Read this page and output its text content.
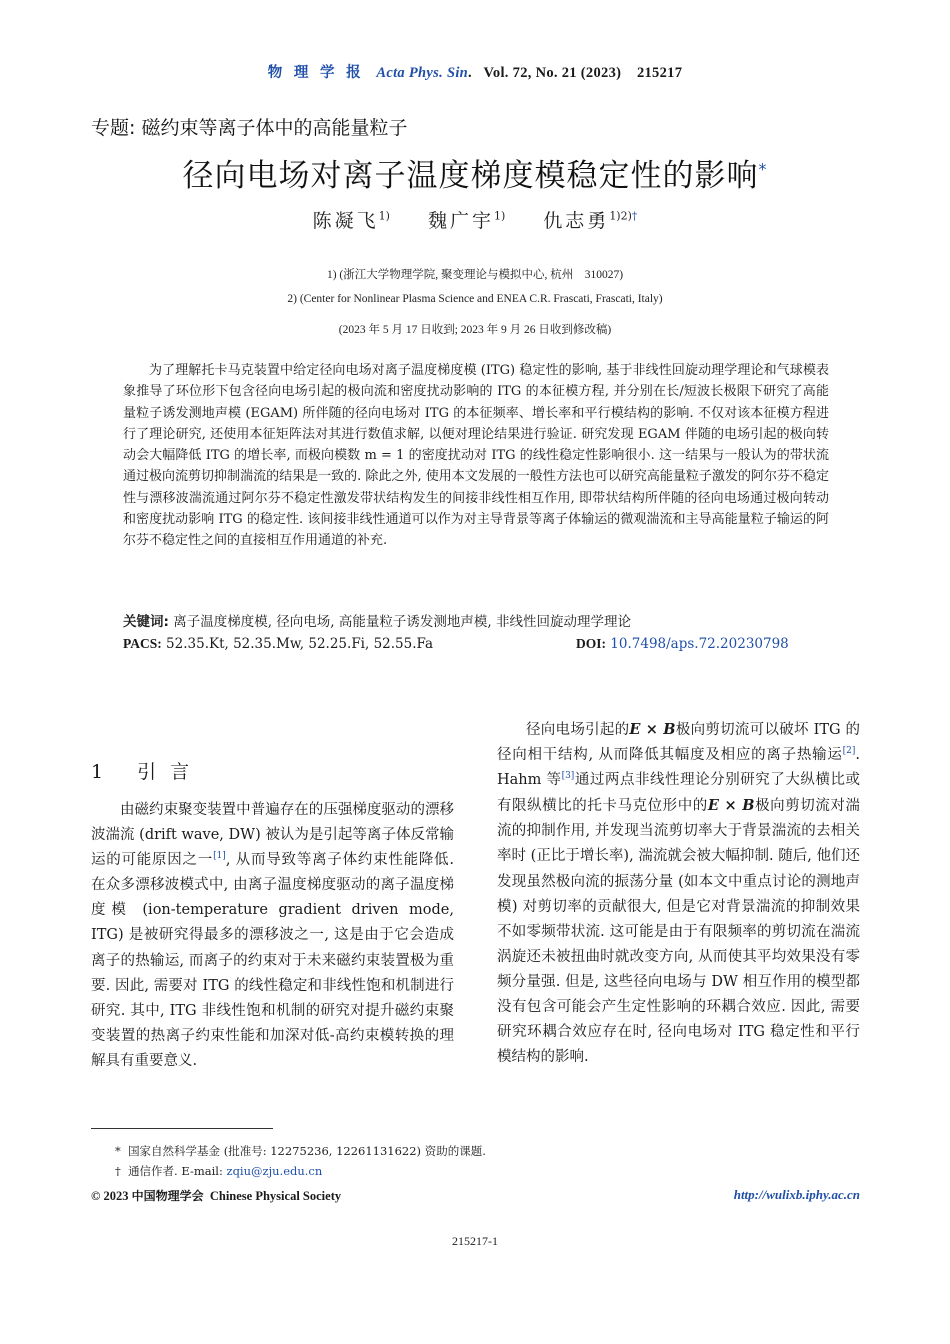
物 理 学 报 Acta Phys. Sin. Vol. 72, No. 21 (2023) 215217
专题: 磁约束等离子体中的高能量粒子
径向电场对离子温度梯度模稳定性的影响*
陈凝飞$^{1)}$ 魏广宇$^{1)}$ 仇志勇$^{1)2)\dagger}$
1) (浙江大学物理学院, 聚变理论与模拟中心, 杭州　310027)
2) (Center for Nonlinear Plasma Science and ENEA C.R. Frascati, Frascati, Italy)
(2023 年 5 月 17 日收到; 2023 年 9 月 26 日收到修改稿)
为了理解托卡马克装置中给定径向电场对离子温度梯度模 (ITG) 稳定性的影响, 基于非线性回旋动理学理论和气球模表象推导了环位形下包含径向电场引起的极向流和密度扰动影响的 ITG 的本征模方程, 并分别在长/短波长极限下研究了高能量粒子诱发测地声模 (EGAM) 所伴随的径向电场对 ITG 的本征频率、增长率和平行模结构的影响. 不仅对该本征模方程进行了理论研究, 还使用本征矩阵法对其进行数值求解, 以便对理论结果进行验证. 研究发现 EGAM 伴随的电场引起的极向转动会大幅降低 ITG 的增长率, 而极向模数 m = 1 的密度扰动对 ITG 的线性稳定性影响很小. 这一结果与一般认为的带状流通过极向流剪切抑制湍流的结果是一致的. 除此之外, 使用本文发展的一般性方法也可以研究高能量粒子激发的阿尔芬不稳定性与漂移波湍流通过阿尔芬不稳定性激发带状结构发生的间接非线性相互作用, 即带状结构所伴随的径向电场通过极向转动和密度扰动影响 ITG 的稳定性. 该间接非线性通道可以作为对主导背景等离子体输运的微观湍流和主导高能量粒子输运的阿尔芬不稳定性之间的直接相互作用通道的补充.
关键词: 离子温度梯度模, 径向电场, 高能量粒子诱发测地声模, 非线性回旋动理学理论
PACS: 52.35.Kt, 52.35.Mw, 52.25.Fi, 52.55.Fa	DOI: 10.7498/aps.72.20230798
1 引言

由磁约束聚变装置中普遍存在的压强梯度驱动的漂移波湍流 (drift wave, DW) 被认为是引起等离子体反常输运的可能原因之一[1], 从而导致等离子体约束性能降低. 在众多漂移波模式中, 由离子温度梯度驱动的离子温度梯度模 (ion-temperature gradient driven mode, ITG) 是被研究得最多的漂移波之一, 这是由于它会造成离子的热输运, 而离子的约束对于未来磁约束装置极为重要. 因此, 需要对 ITG 的线性稳定和非线性饱和机制进行研究. 其中, ITG 非线性饱和机制的研究对提升磁约束聚变装置的热离子约束性能和加深对低-高约束模转换的理解具有重要意义.

径向电场引起的E × B极向剪切流可以破坏 ITG 的径向相干结构, 从而降低其幅度及相应的离子热输运[2]. Hahm 等[3]通过两点非线性理论分别研究了大纵横比或有限纵横比的托卡马克位形中的E × B极向剪切流对湍流的抑制作用, 并发现当流剪切率大于背景湍流的去相关率时 (正比于增长率), 湍流就会被大幅抑制. 随后, 他们还发现虽然极向流的振荡分量 (如本文中重点讨论的测地声模) 对剪切率的贡献很大, 但是它对背景湍流的抑制效果不如零频带状流. 这可能是由于有限频率的剪切流在湍流涡旋还未被扭曲时就改变方向, 从而使其平均效果没有零频分量强. 但是, 这些径向电场与 DW 相互作用的模型都没有包含可能会产生定性影响的环耦合效应. 因此, 需要研究环耦合效应存在时, 径向电场对 ITG 稳定性和平行模结构的影响.

* 国家自然科学基金 (批准号: 12275236, 12261131622) 资助的课题.
† 通信作者. E-mail: zqiu@zju.edu.cn
© 2023 中国物理学会 Chinese Physical Society	http://wulixb.iphy.ac.cn
215217-1
